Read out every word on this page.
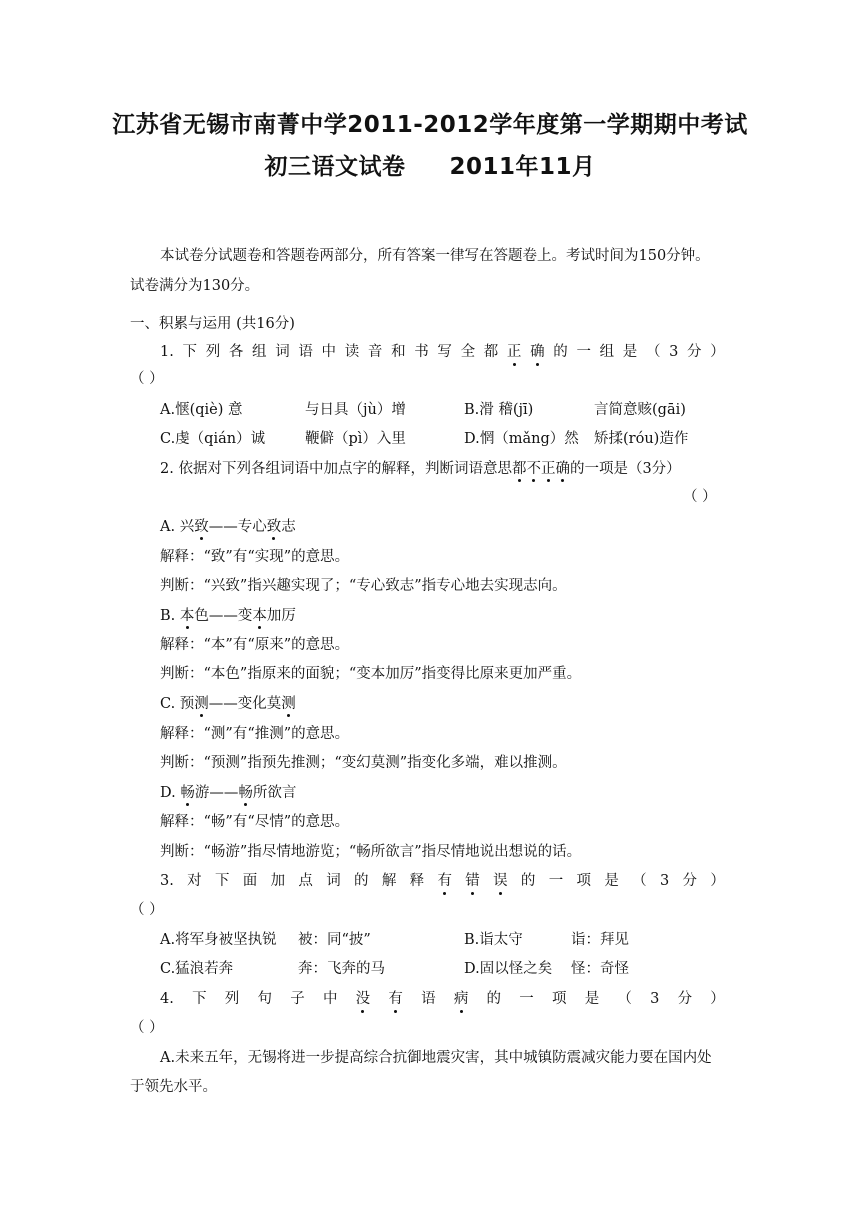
江苏省无锡市南菁中学2011-2012学年度第一学期期中考试
初三语文试卷 2011年11月
本试卷分试题卷和答题卷两部分，所有答案一律写在答题卷上。考试时间为150分钟。
试卷满分为130分。
一、积累与运用 (共16分)
1. 下 列 各 组 词 语 中 读 音 和 书 写 全 都 正 确 的 一 组 是 （ 3 分 ）
（ ）
A.惬(qiè) 意	与日具（jù）增	B.滑 稽(jī)	言简意赅(gāi)
C.虔（qián）诚	鞭僻（pì）入里	D.惘（mǎng）然 矫揉(róu)造作
2. 依据对下列各组词语中加点字的解释，判断词语意思都不正确的一项是（3分）
（ ）
A. 兴致——专心致志
解释：“致”有“实现”的意思。
判断：“兴致”指兴趣实现了；“专心致志”指专心地去实现志向。
B. 本色——变本加厉
解释：“本”有“原来”的意思。
判断：“本色”指原来的面貌；“变本加厉”指变得比原来更加严重。
C. 预测——变化莫测
解释：“测”有“推测”的意思。
判断：“预测”指预先推测；“变幻莫测”指变化多端，难以推测。
D. 畅游——畅所欲言
解释：“畅”有“尽情”的意思。
判断：“畅游”指尽情地游览；“畅所欲言”指尽情地说出想说的话。
3. 对 下 面 加 点 词 的 解 释 有 错 误 的 一 项 是 （ 3 分 ）
（ ）
A.将军身被坚执锐 被：同“披”	B.诣太守	诣：拜见
C.猛浪若奔	奔：飞奔的马	D.固以怪之矣 怪：奇怪
4. 下 列 句 子 中 没 有 语 病 的 一 项 是 （ 3 分 ）
（ ）
A.未来五年，无锡将进一步提高综合抗御地震灾害，其中城镇防震减灾能力要在国内处
于领先水平。
